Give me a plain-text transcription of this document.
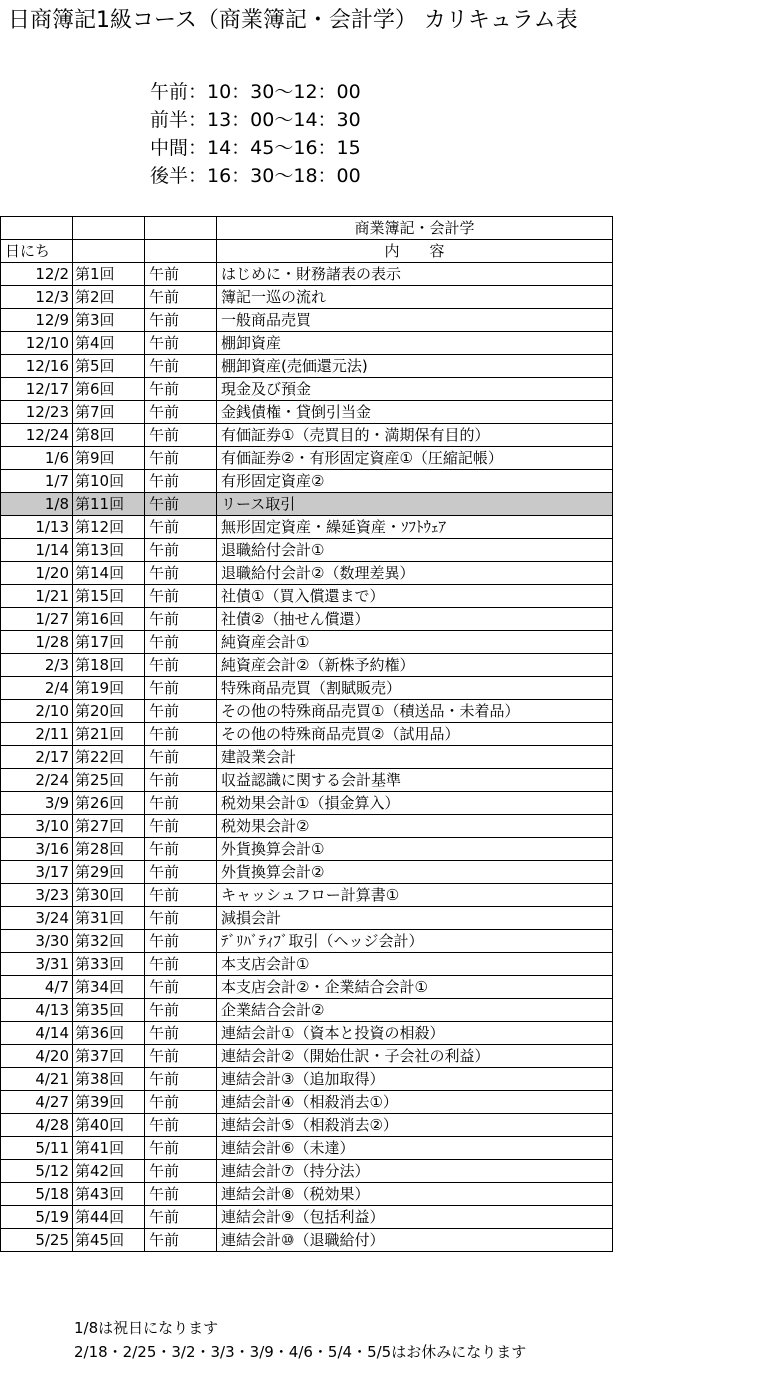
日商簿記1級コース（商業簿記・会計学） カリキュラム表
午前：10：30～12：00
前半：13：00～14：30
中間：14：45～16：15
後半：16：30～18：00
			商業簿記・会計学
日にち			内　　容
12/2	第1回	午前	はじめに・財務諸表の表示
12/3	第2回	午前	簿記一巡の流れ
12/9	第3回	午前	一般商品売買
12/10	第4回	午前	棚卸資産
12/16	第5回	午前	棚卸資産(売価還元法)
12/17	第6回	午前	現金及び預金
12/23	第7回	午前	金銭債権・貸倒引当金
12/24	第8回	午前	有価証券①（売買目的・満期保有目的）
1/6	第9回	午前	有価証券②・有形固定資産①（圧縮記帳）
1/7	第10回	午前	有形固定資産②
1/8	第11回	午前	リース取引
1/13	第12回	午前	無形固定資産・繰延資産・ｿﾌﾄｳｪｱ
1/14	第13回	午前	退職給付会計①
1/20	第14回	午前	退職給付会計②（数理差異）
1/21	第15回	午前	社債①（買入償還まで）
1/27	第16回	午前	社債②（抽せん償還）
1/28	第17回	午前	純資産会計①
2/3	第18回	午前	純資産会計②（新株予約権）
2/4	第19回	午前	特殊商品売買（割賦販売）
2/10	第20回	午前	その他の特殊商品売買①（積送品・未着品）
2/11	第21回	午前	その他の特殊商品売買②（試用品）
2/17	第22回	午前	建設業会計
2/24	第25回	午前	収益認識に関する会計基準
3/9	第26回	午前	税効果会計①（損金算入）
3/10	第27回	午前	税効果会計②
3/16	第28回	午前	外貨換算会計①
3/17	第29回	午前	外貨換算会計②
3/23	第30回	午前	キャッシュフロー計算書①
3/24	第31回	午前	減損会計
3/30	第32回	午前	ﾃﾞﾘﾊﾞﾃｨﾌﾞ取引（ヘッジ会計）
3/31	第33回	午前	本支店会計①
4/7	第34回	午前	本支店会計②・企業結合会計①
4/13	第35回	午前	企業結合会計②
4/14	第36回	午前	連結会計①（資本と投資の相殺）
4/20	第37回	午前	連結会計②（開始仕訳・子会社の利益）
4/21	第38回	午前	連結会計③（追加取得）
4/27	第39回	午前	連結会計④（相殺消去①）
4/28	第40回	午前	連結会計⑤（相殺消去②）
5/11	第41回	午前	連結会計⑥（未達）
5/12	第42回	午前	連結会計⑦（持分法）
5/18	第43回	午前	連結会計⑧（税効果）
5/19	第44回	午前	連結会計⑨（包括利益）
5/25	第45回	午前	連結会計⑩（退職給付）
1/8は祝日になります
2/18・2/25・3/2・3/3・3/9・4/6・5/4・5/5はお休みになります
